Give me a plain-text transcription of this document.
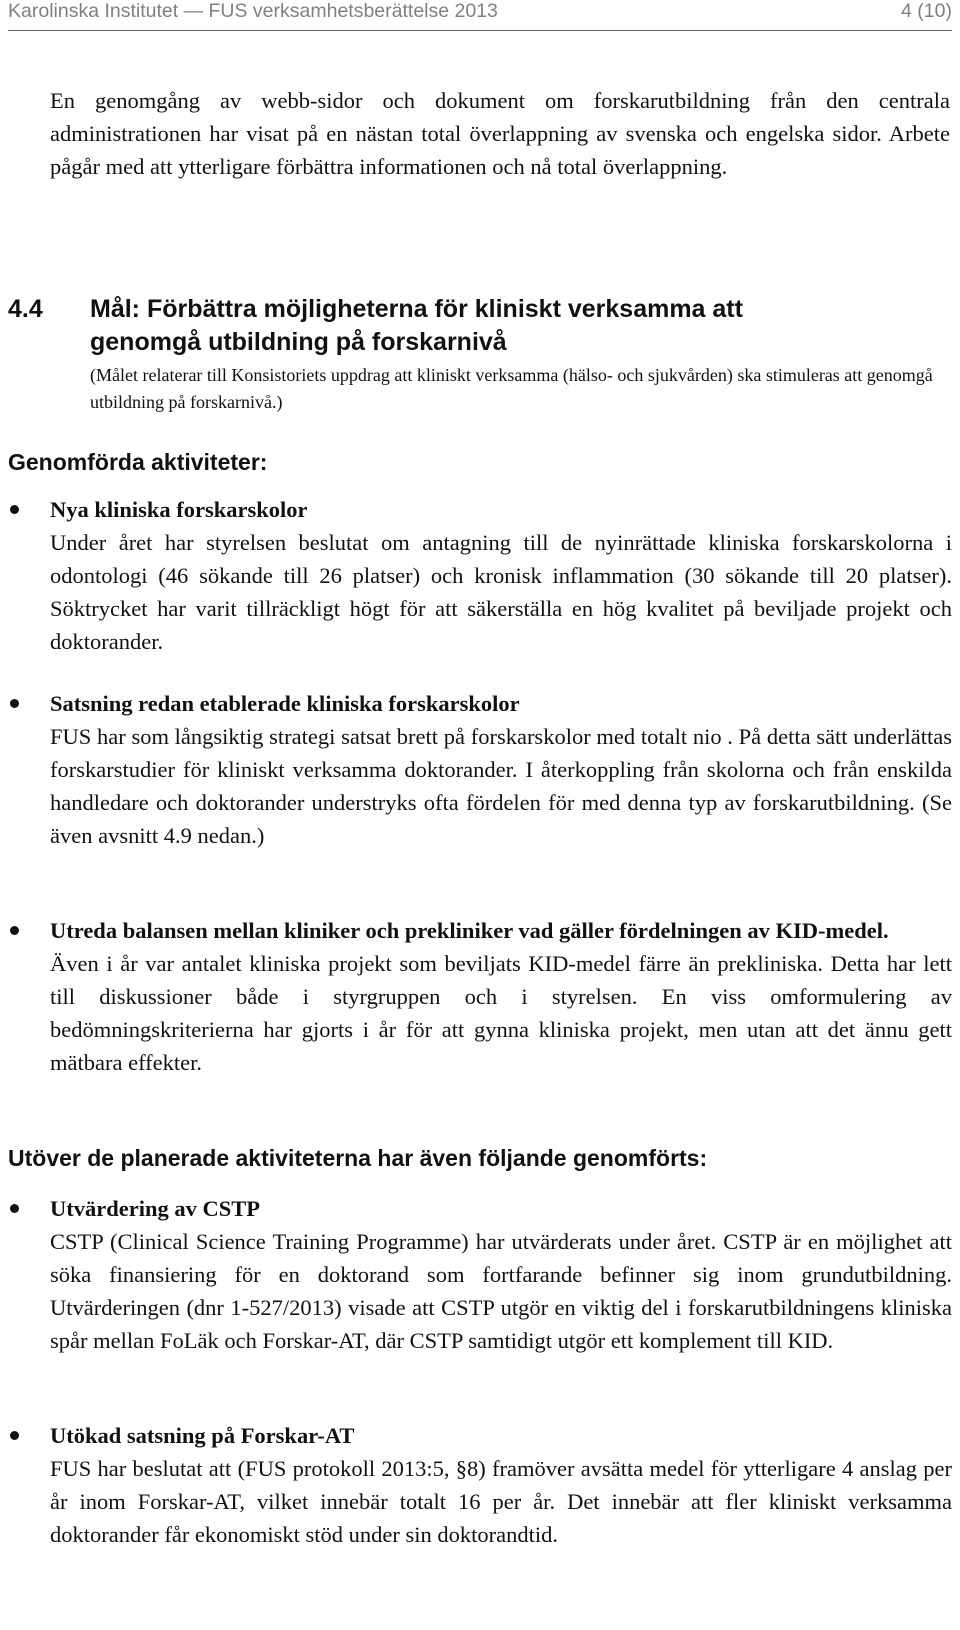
Karolinska Institutet — FUS verksamhetsberättelse 2013	4 (10)

En genomgång av webb-sidor och dokument om forskarutbildning från den centrala administrationen har visat på en nästan total överlappning av svenska och engelska sidor. Arbete pågår med att ytterligare förbättra informationen och nå total överlappning.

4.4 Mål: Förbättra möjligheterna för kliniskt verksamma att
genomgå utbildning på forskarnivå

(Målet relaterar till Konsistoriets uppdrag att kliniskt verksamma (hälso- och sjukvården) ska stimuleras att genomgå utbildning på forskarnivå.)

Genomförda aktiviteter:

Nya kliniska forskarskolor

Under året har styrelsen beslutat om antagning till de nyinrättade kliniska forskarskolorna i odontologi (46 sökande till 26 platser) och kronisk inflammation (30 sökande till 20 platser). Söktrycket har varit tillräckligt högt för att säkerställa en hög kvalitet på beviljade projekt och doktorander.

Satsning redan etablerade kliniska forskarskolor

FUS har som långsiktig strategi satsat brett på forskarskolor med totalt nio . På detta sätt underlättas forskarstudier för kliniskt verksamma doktorander. I återkoppling från skolorna och från enskilda handledare och doktorander understryks ofta fördelen för med denna typ av forskarutbildning. (Se även avsnitt 4.9 nedan.)

Utreda balansen mellan kliniker och prekliniker vad gäller fördelningen av KID-medel.

Även i år var antalet kliniska projekt som beviljats KID-medel färre än prekliniska. Detta har lett till diskussioner både i styrgruppen och i styrelsen. En viss omformulering av bedömningskriterierna har gjorts i år för att gynna kliniska projekt, men utan att det ännu gett mätbara effekter.

Utöver de planerade aktiviteterna har även följande genomförts:

Utvärdering av CSTP

CSTP (Clinical Science Training Programme) har utvärderats under året. CSTP är en möjlighet att söka finansiering för en doktorand som fortfarande befinner sig inom grundutbildning. Utvärderingen (dnr 1-527/2013) visade att CSTP utgör en viktig del i forskarutbildningens kliniska spår mellan FoLäk och Forskar-AT, där CSTP samtidigt utgör ett komplement till KID.

Utökad satsning på Forskar-AT

FUS har beslutat att (FUS protokoll 2013:5, §8) framöver avsätta medel för ytterligare 4 anslag per år inom Forskar-AT, vilket innebär totalt 16 per år. Det innebär att fler kliniskt verksamma doktorander får ekonomiskt stöd under sin doktorandtid.
